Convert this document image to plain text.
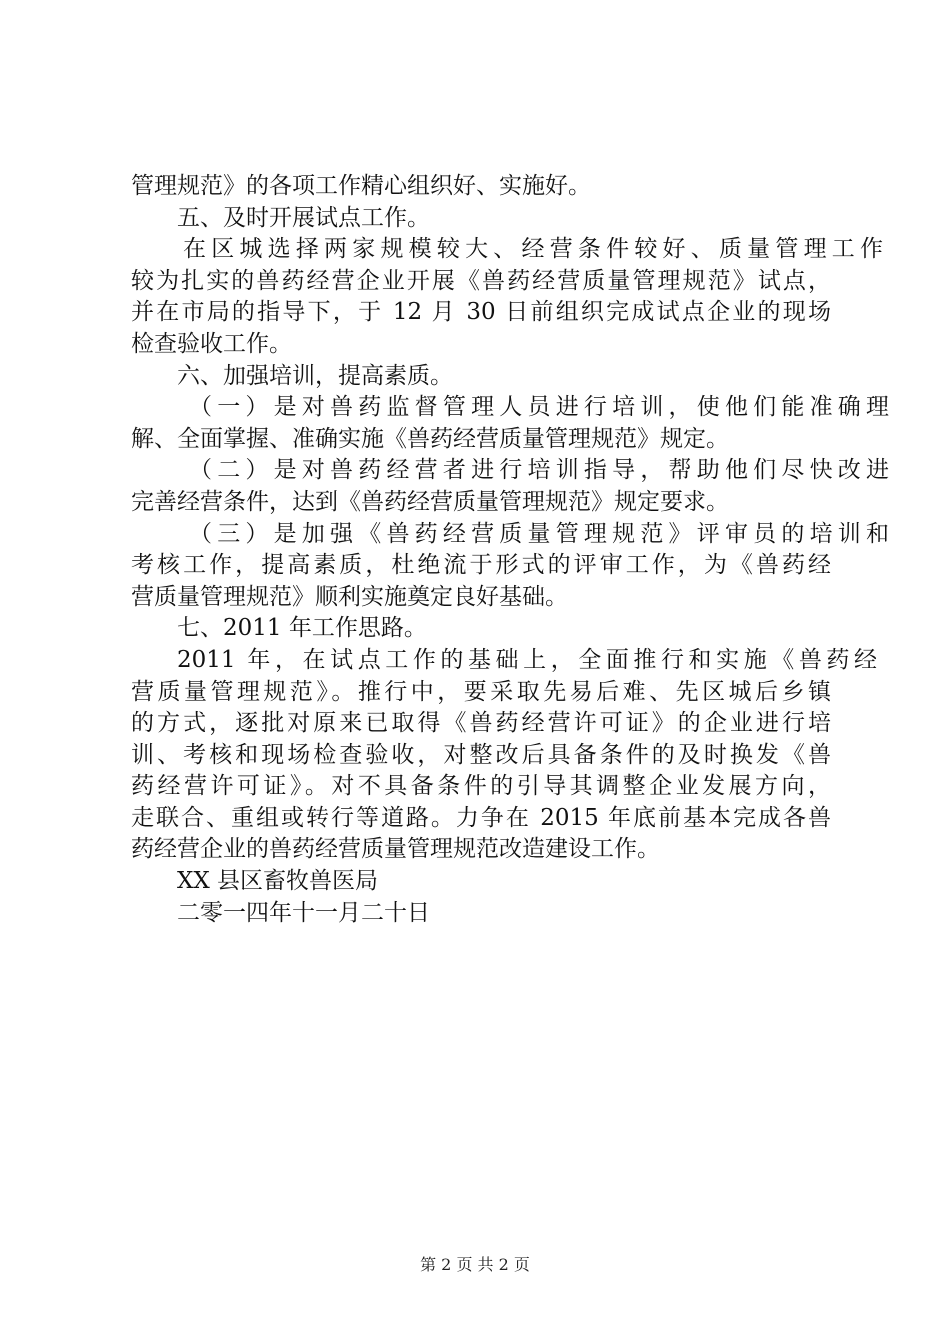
管理规范》的各项工作精心组织好、实施好。
五、及时开展试点工作。
在区城选择两家规模较大、经营条件较好、质量管理工作
较为扎实的兽药经营企业开展《兽药经营质量管理规范》试点，
并在市局的指导下，于 12 月 30 日前组织完成试点企业的现场
检查验收工作。
六、加强培训，提高素质。
（一）是对兽药监督管理人员进行培训，使他们能准确理
解、全面掌握、准确实施《兽药经营质量管理规范》规定。
（二）是对兽药经营者进行培训指导，帮助他们尽快改进
完善经营条件，达到《兽药经营质量管理规范》规定要求。
（三）是加强《兽药经营质量管理规范》评审员的培训和
考核工作，提高素质，杜绝流于形式的评审工作，为《兽药经
营质量管理规范》顺利实施奠定良好基础。
七、2011 年工作思路。
2011 年，在试点工作的基础上，全面推行和实施《兽药经
营质量管理规范》。推行中，要采取先易后难、先区城后乡镇
的方式，逐批对原来已取得《兽药经营许可证》的企业进行培
训、考核和现场检查验收，对整改后具备条件的及时换发《兽
药经营许可证》。对不具备条件的引导其调整企业发展方向，
走联合、重组或转行等道路。力争在 2015 年底前基本完成各兽
药经营企业的兽药经营质量管理规范改造建设工作。
XX 县区畜牧兽医局
二零一四年十一月二十日
第 2 页 共 2 页
